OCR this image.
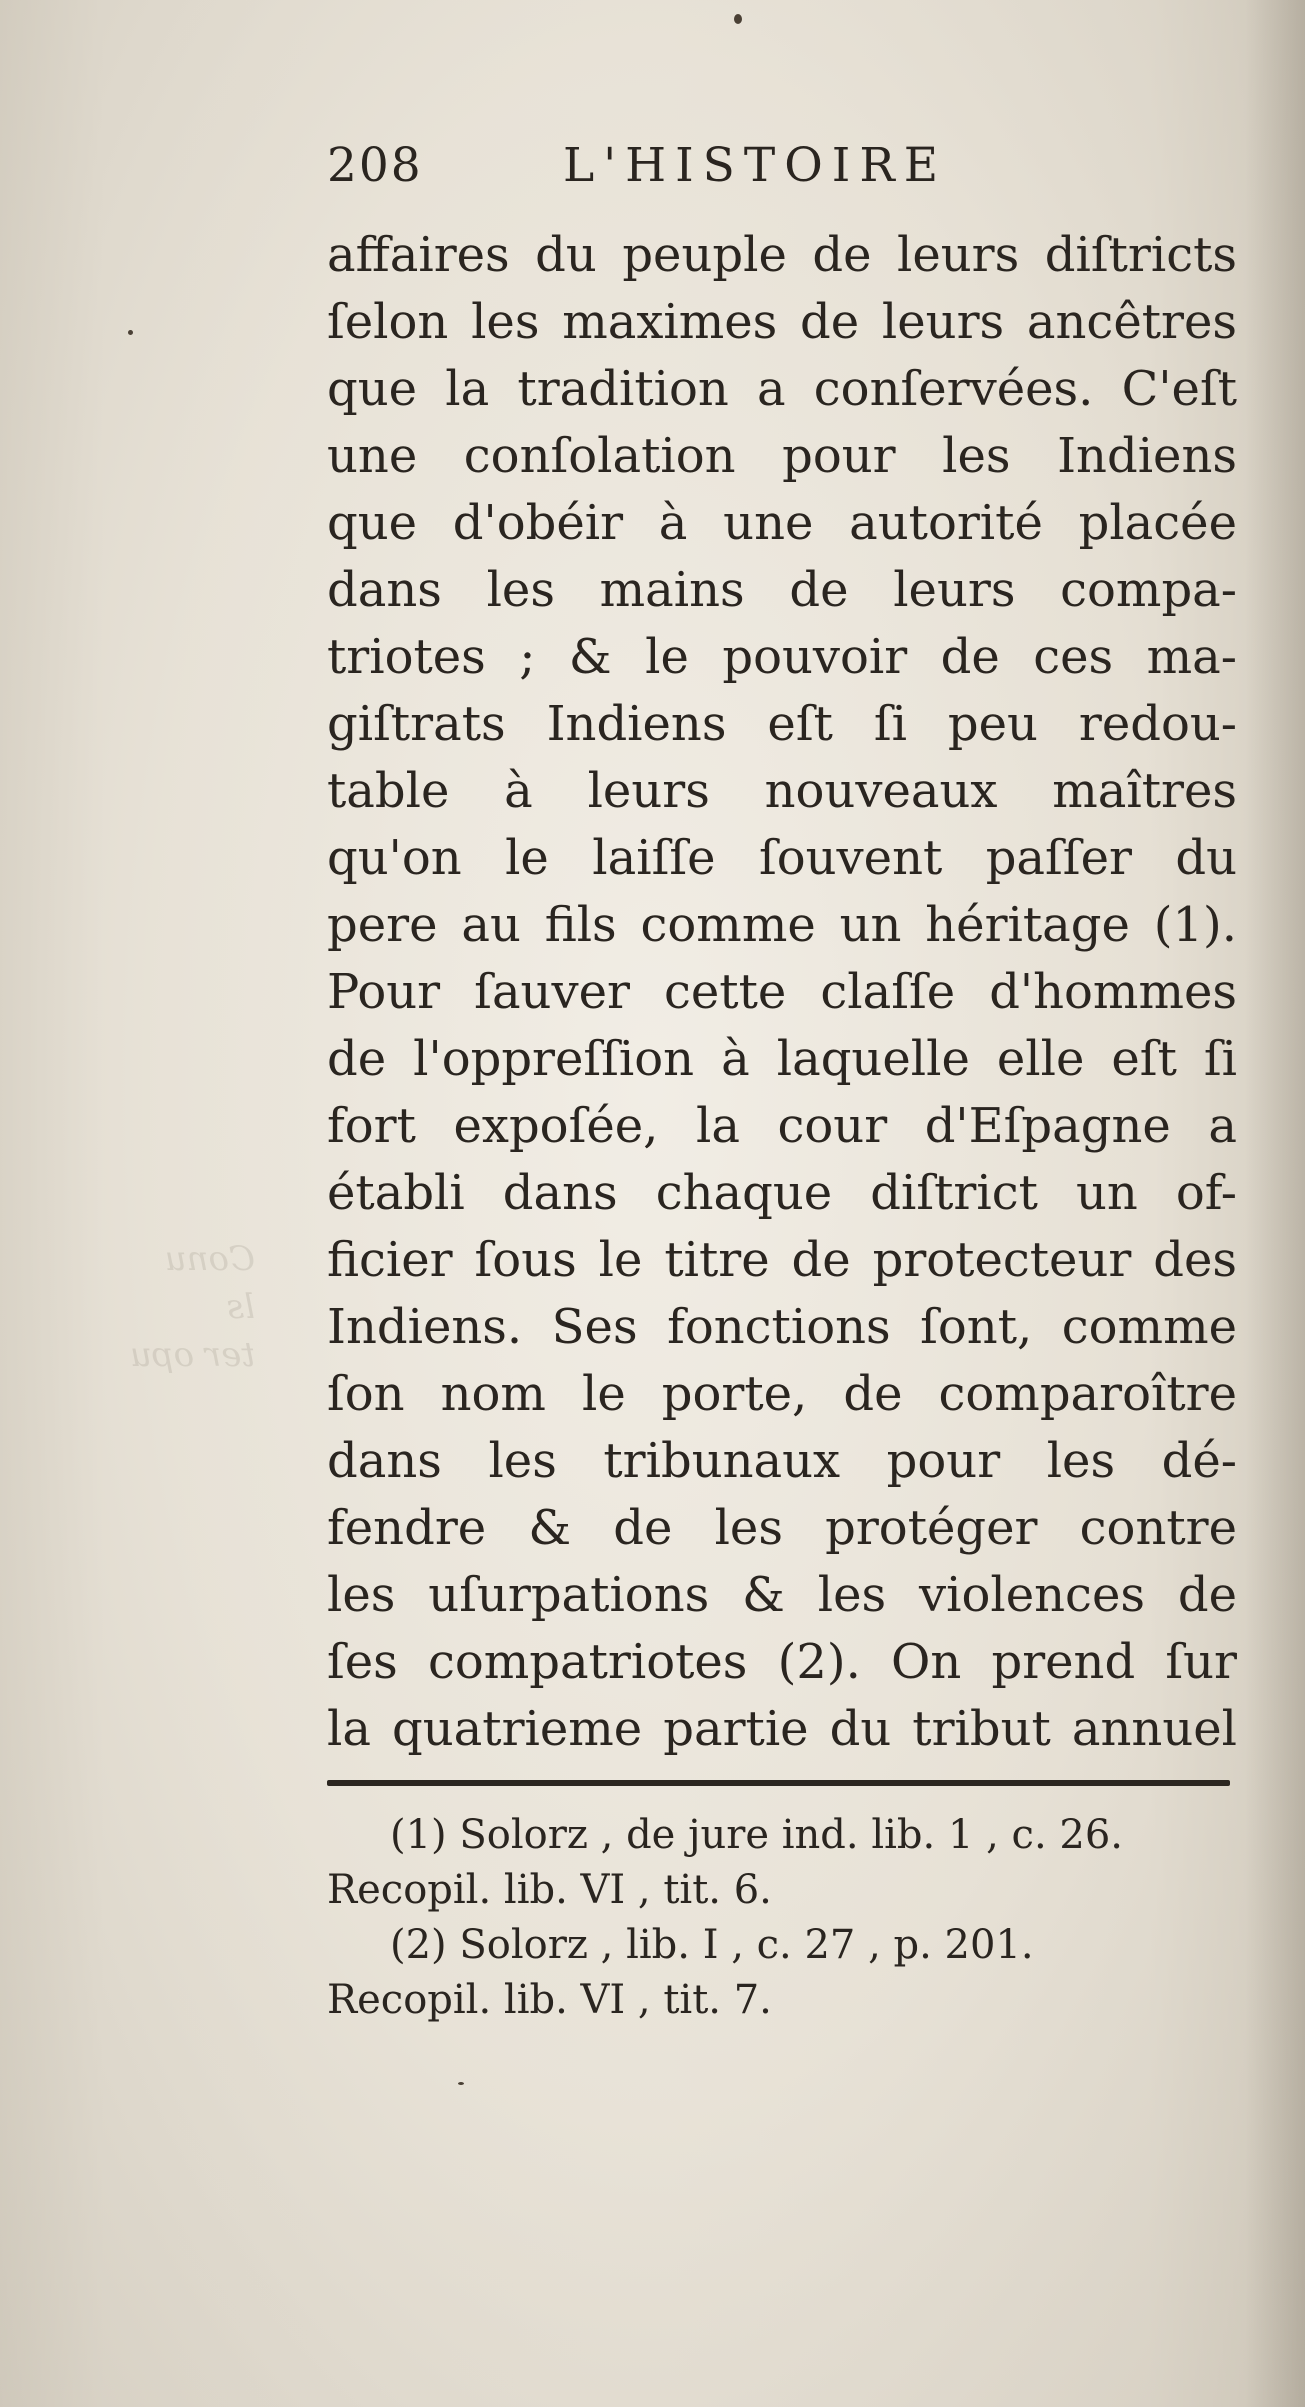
Conu
ls
ter opu
208	L'HISTOIRE
affaires du peuple de leurs diſtricts
ſelon les maximes de leurs ancêtres
que la tradition a conſervées. C'eſt
une conſolation pour les Indiens
que d'obéir à une autorité placée
dans les mains de leurs compa-
triotes ; & le pouvoir de ces ma-
giſtrats Indiens eſt ſi peu redou-
table à leurs nouveaux maîtres
qu'on le laiſſe ſouvent paſſer du
pere au fils comme un héritage (1).
Pour ſauver cette claſſe d'hommes
de l'oppreſſion à laquelle elle eſt ſi
fort expoſée, la cour d'Eſpagne a
établi dans chaque diſtrict un of-
ficier ſous le titre de protecteur des
Indiens. Ses fonctions ſont, comme
ſon nom le porte, de comparoître
dans les tribunaux pour les dé-
fendre & de les protéger contre
les uſurpations & les violences de
ſes compatriotes (2). On prend ſur
la quatrieme partie du tribut annuel
(1) Solorz , de jure ind. lib. 1 , c. 26.
Recopil. lib. VI , tit. 6.
(2) Solorz , lib. I , c. 27 , p. 201.
Recopil. lib. VI , tit. 7.
